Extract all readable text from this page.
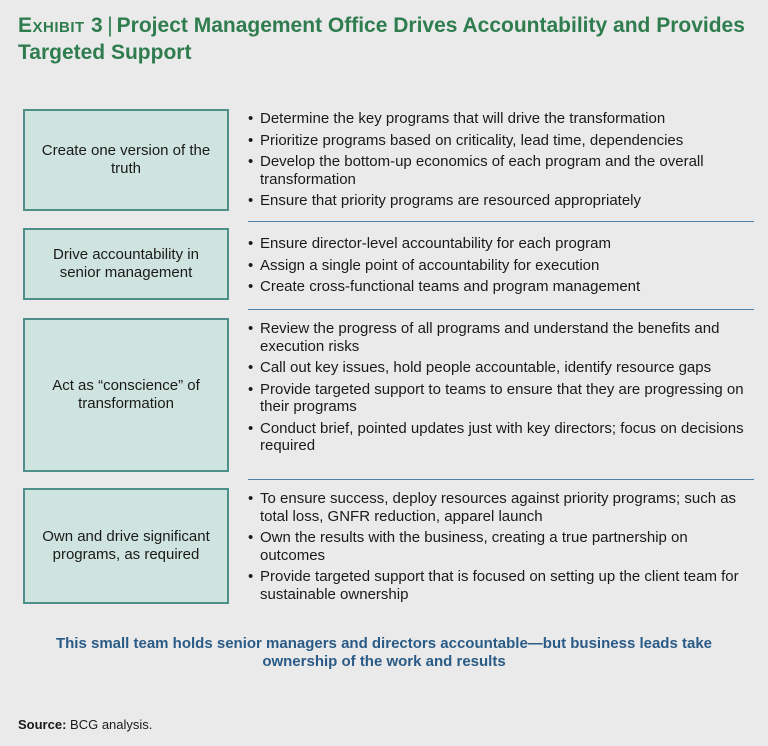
Exhibit 3 | Project Management Office Drives Accountability and Provides Targeted Support
Create one version of the truth
• Determine the key programs that will drive the transformation
• Prioritize programs based on criticality, lead time, dependencies
• Develop the bottom-up economics of each program and the overall transformation
• Ensure that priority programs are resourced appropriately
Drive accountability in senior management
• Ensure director-level accountability for each program
• Assign a single point of accountability for execution
• Create cross-functional teams and program management
Act as “conscience” of transformation
• Review the progress of all programs and understand the benefits and execution risks
• Call out key issues, hold people accountable, identify resource gaps
• Provide targeted support to teams to ensure that they are progressing on their programs
• Conduct brief, pointed updates just with key directors; focus on decisions required
Own and drive significant programs, as required
• To ensure success, deploy resources against priority programs; such as total loss, GNFR reduction, apparel launch
• Own the results with the business, creating a true partnership on outcomes
• Provide targeted support that is focused on setting up the client team for sustainable ownership
This small team holds senior managers and directors accountable—but business leads take ownership of the work and results
Source: BCG analysis.
